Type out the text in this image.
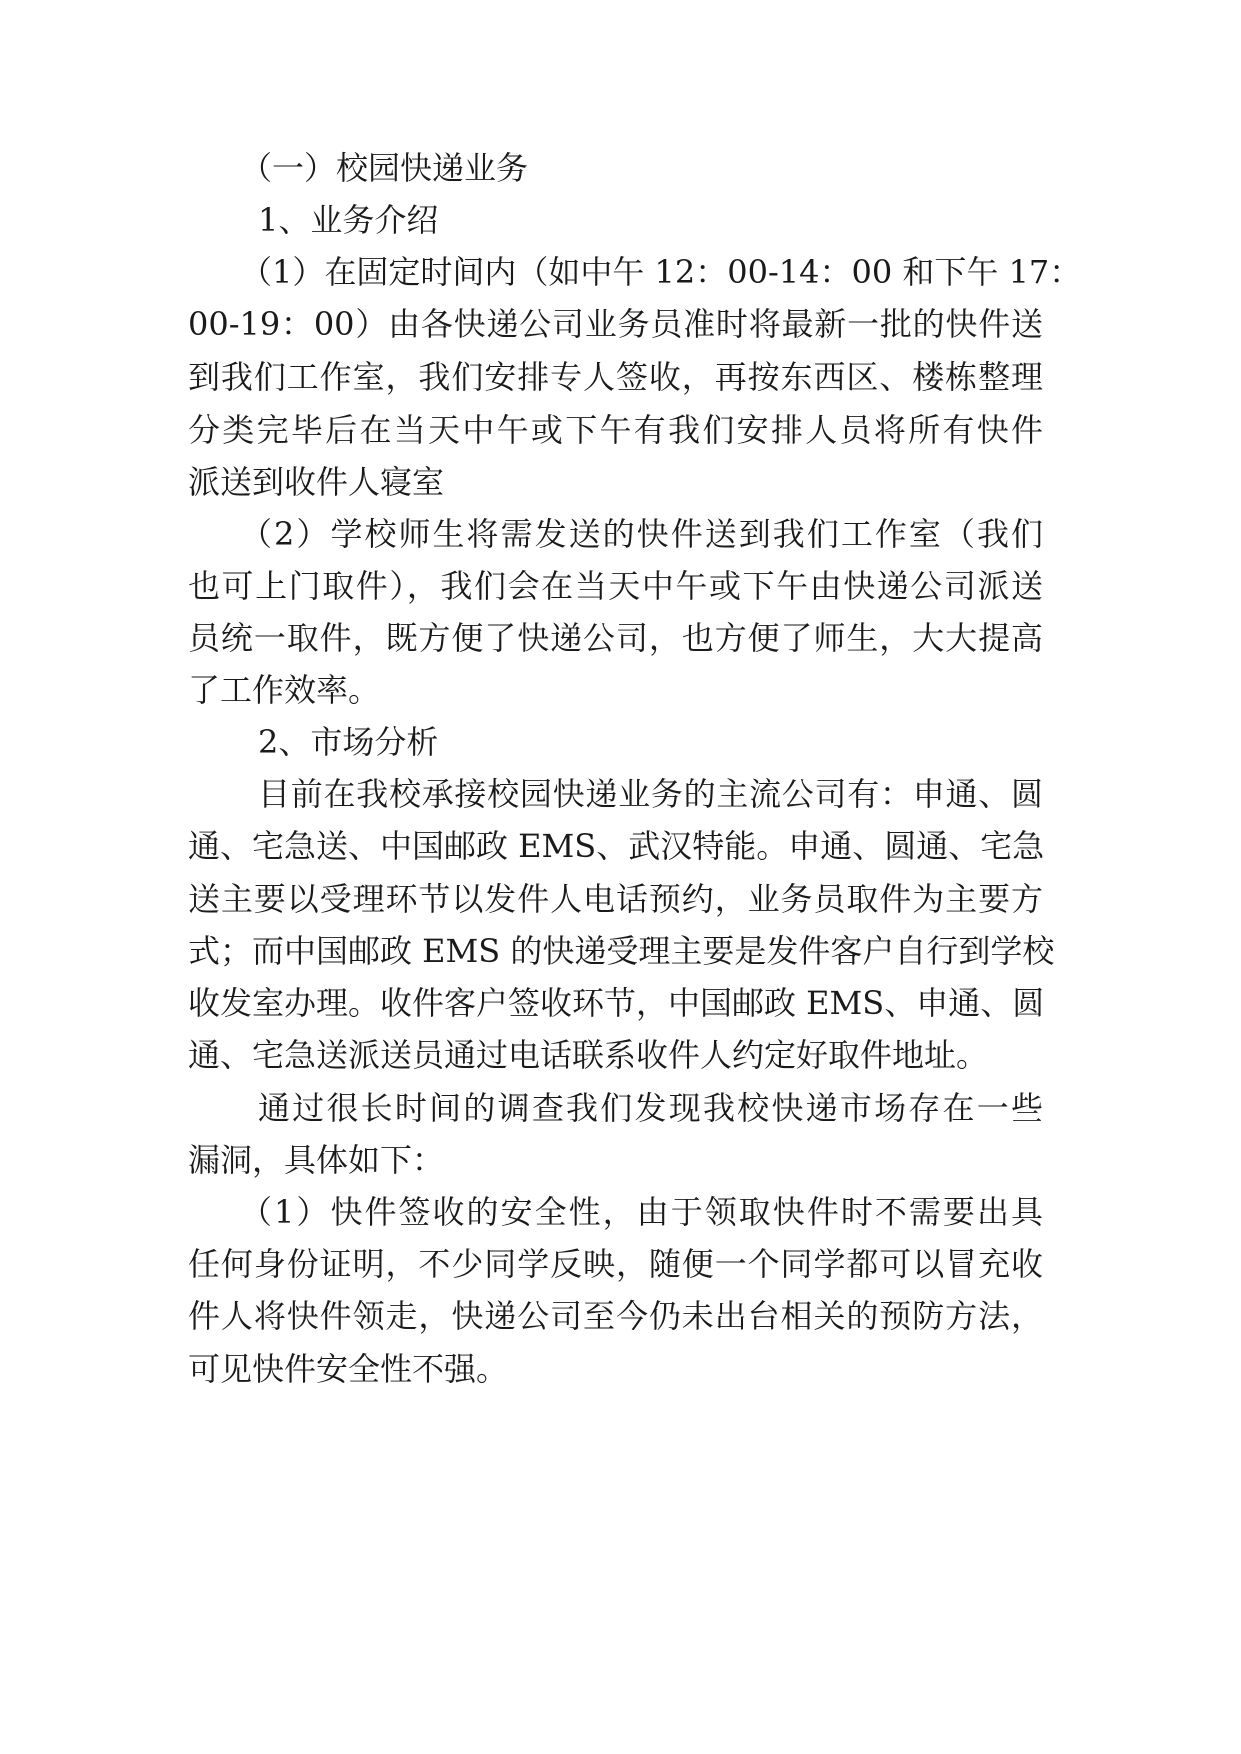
（一）校园快递业务
1、业务介绍
（1）在固定时间内（如中午 12：00-14：00 和下午 17：
00-19：00）由各快递公司业务员准时将最新一批的快件送
到我们工作室，我们安排专人签收，再按东西区、楼栋整理
分类完毕后在当天中午或下午有我们安排人员将所有快件
派送到收件人寝室
（2）学校师生将需发送的快件送到我们工作室（我们
也可上门取件），我们会在当天中午或下午由快递公司派送
员统一取件，既方便了快递公司，也方便了师生，大大提高
了工作效率。
2、市场分析
目前在我校承接校园快递业务的主流公司有：申通、圆
通、宅急送、中国邮政 EMS、武汉特能。申通、圆通、宅急
送主要以受理环节以发件人电话预约，业务员取件为主要方
式；而中国邮政 EMS 的快递受理主要是发件客户自行到学校
收发室办理。收件客户签收环节，中国邮政 EMS、申通、圆
通、宅急送派送员通过电话联系收件人约定好取件地址。
通过很长时间的调查我们发现我校快递市场存在一些
漏洞，具体如下：
（1）快件签收的安全性，由于领取快件时不需要出具
任何身份证明，不少同学反映，随便一个同学都可以冒充收
件人将快件领走，快递公司至今仍未出台相关的预防方法，
可见快件安全性不强。
